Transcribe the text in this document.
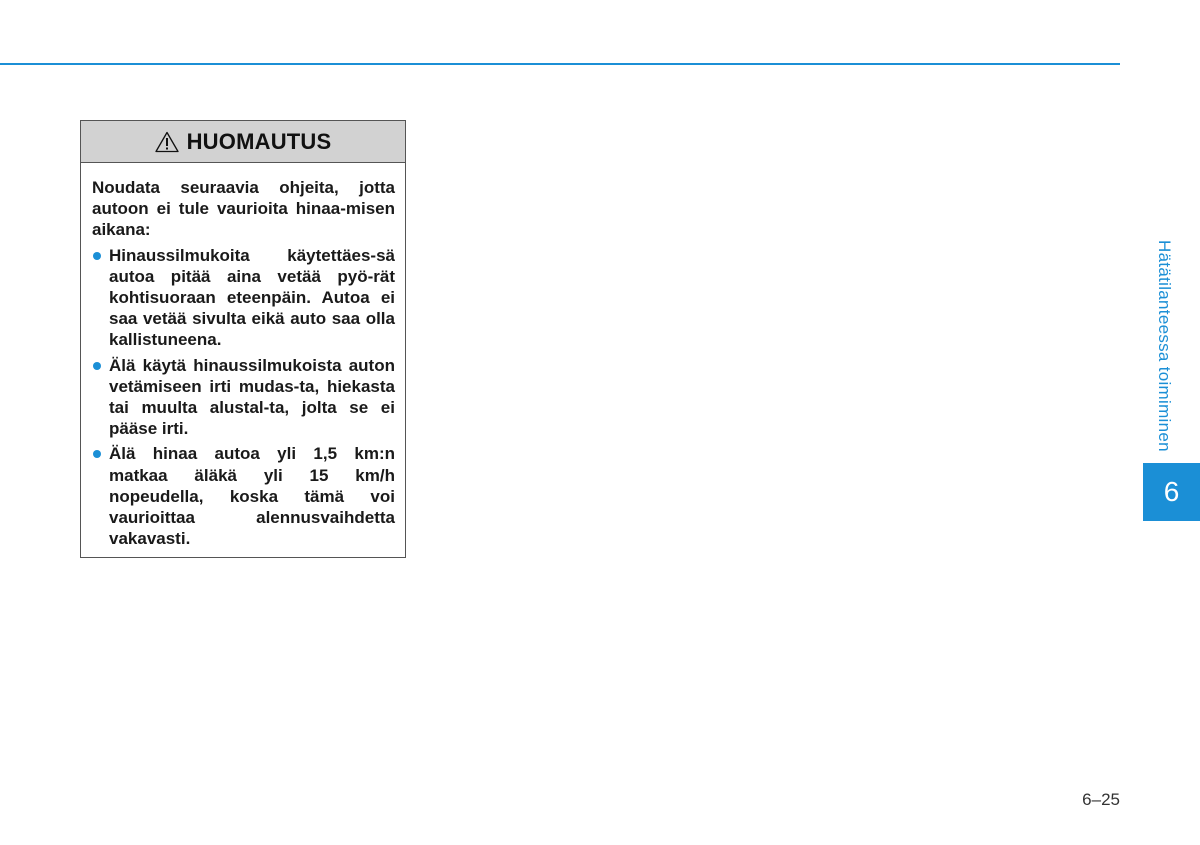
HUOMAUTUS

Noudata seuraavia ohjeita, jotta autoon ei tule vaurioita hinaa-misen aikana:

Hinaussilmukoita käytettäes-sä autoa pitää aina vetää pyö-rät kohtisuoraan eteenpäin. Autoa ei saa vetää sivulta eikä auto saa olla kallistuneena.
Älä käytä hinaussilmukoista auton vetämiseen irti mudas-ta, hiekasta tai muulta alustal-ta, jolta se ei pääse irti.
Älä hinaa autoa yli 1,5 km:n matkaa äläkä yli 15 km/h nopeudella, koska tämä voi vaurioittaa alennusvaihdetta vakavasti.
Hätätilanteessa toimiminen
6
6–25
